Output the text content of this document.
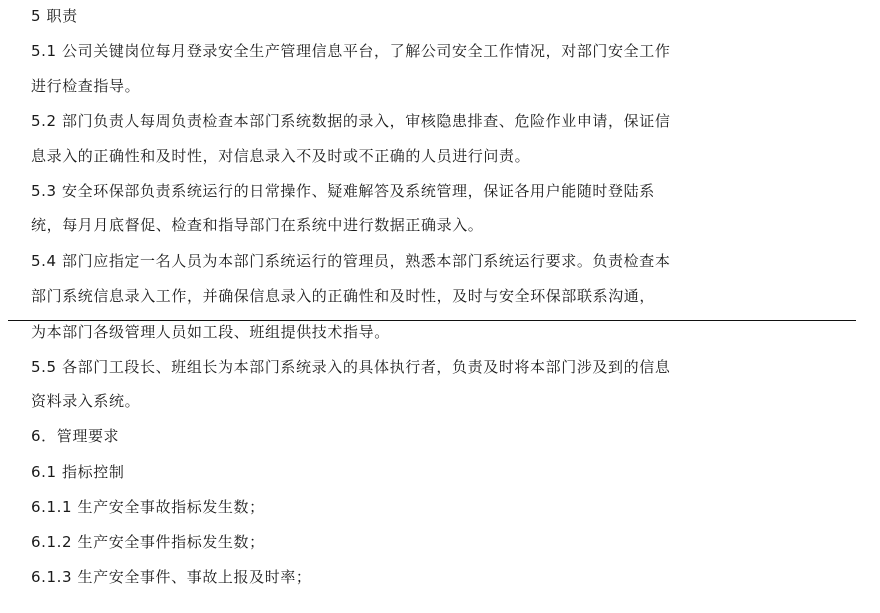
5 职责
5.1 公司关键岗位每月登录安全生产管理信息平台，了解公司安全工作情况，对部门安全工作
进行检查指导。
5.2 部门负责人每周负责检查本部门系统数据的录入，审核隐患排查、危险作业申请，保证信
息录入的正确性和及时性，对信息录入不及时或不正确的人员进行问责。
5.3 安全环保部负责系统运行的日常操作、疑难解答及系统管理，保证各用户能随时登陆系
统，每月月底督促、检查和指导部门在系统中进行数据正确录入。
5.4 部门应指定一名人员为本部门系统运行的管理员，熟悉本部门系统运行要求。负责检查本
部门系统信息录入工作，并确保信息录入的正确性和及时性，及时与安全环保部联系沟通，
为本部门各级管理人员如工段、班组提供技术指导。
5.5 各部门工段长、班组长为本部门系统录入的具体执行者，负责及时将本部门涉及到的信息
资料录入系统。
6．管理要求
6.1 指标控制
6.1.1 生产安全事故指标发生数；
6.1.2 生产安全事件指标发生数；
6.1.3 生产安全事件、事故上报及时率；
